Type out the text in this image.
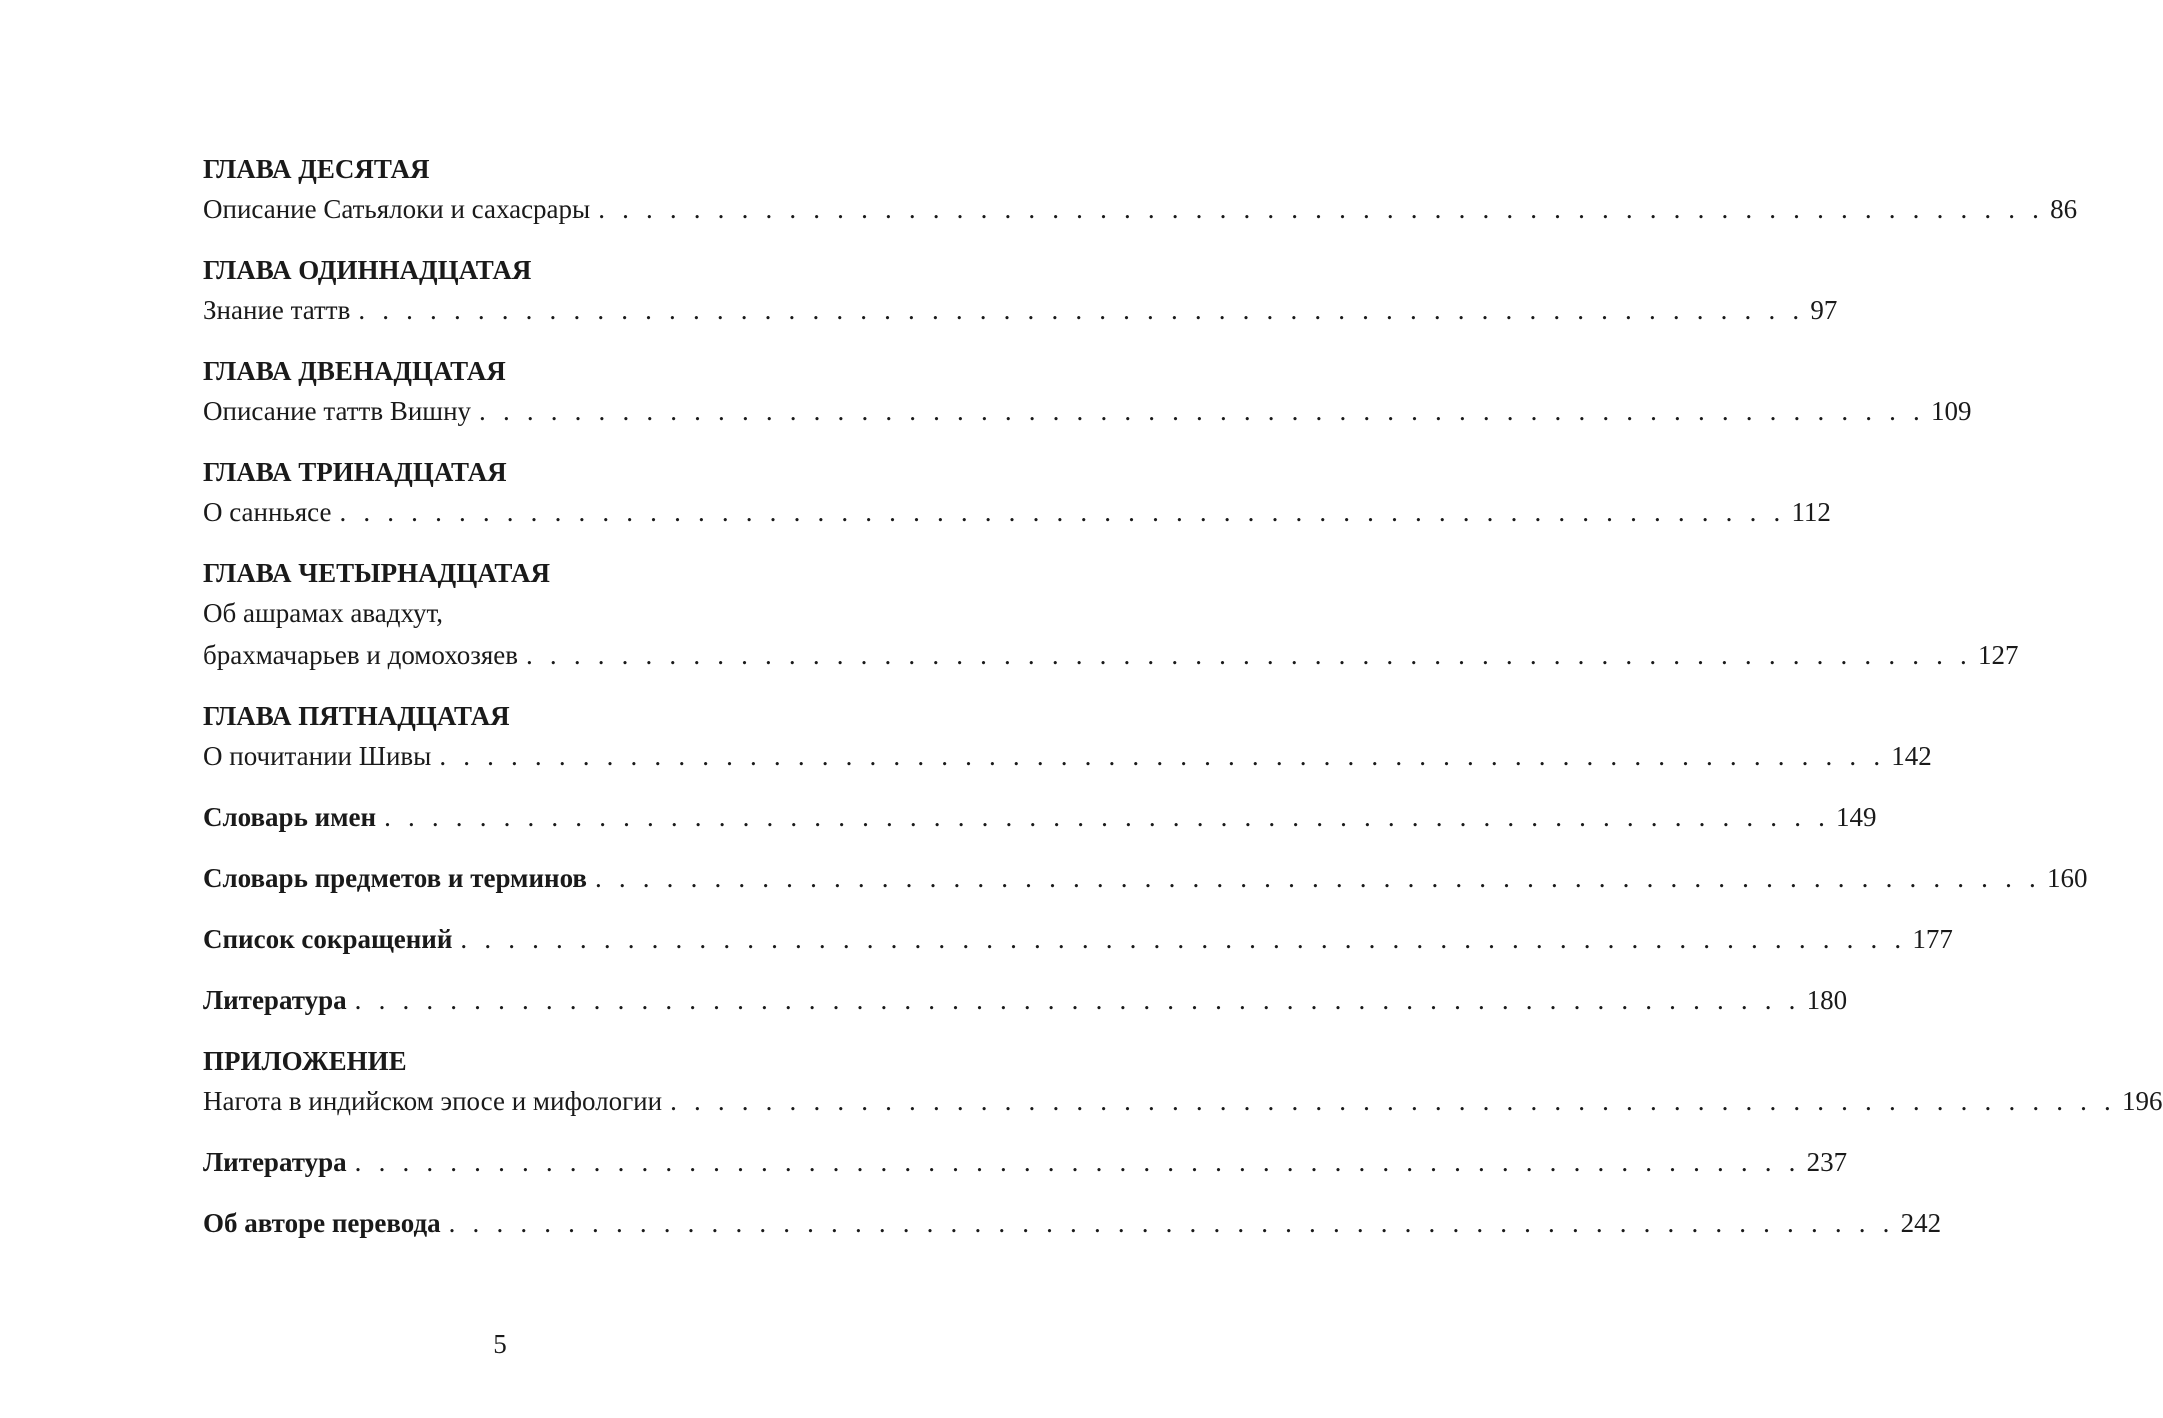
ГЛАВА ДЕСЯТАЯ
Описание Сатьялоки и сахасрары . . . . . . . . . . . . . . . . . . . . . . . . . . . . . . . . . . . . . . . . . . . . . . . . . . . . . . . . . . . . . 86
ГЛАВА ОДИННАДЦАТАЯ
Знание таттв . . . . . . . . . . . . . . . . . . . . . . . . . . . . . . . . . . . . . . . . . . . . . . . . . . . . . . . . . . . . . 97
ГЛАВА ДВЕНАДЦАТАЯ
Описание таттв Вишну . . . . . . . . . . . . . . . . . . . . . . . . . . . . . . . . . . . . . . . . . . . . . . . . . . . . . . . . . . . . . 109
ГЛАВА ТРИНАДЦАТАЯ
О санньясе . . . . . . . . . . . . . . . . . . . . . . . . . . . . . . . . . . . . . . . . . . . . . . . . . . . . . . . . . . . . . 112
ГЛАВА ЧЕТЫРНАДЦАТАЯ
Об ашрамах авадхут,
брахмачарьев и домохозяев . . . . . . . . . . . . . . . . . . . . . . . . . . . . . . . . . . . . . . . . . . . . . . . . . . . . . . . . . . . . . 127
ГЛАВА ПЯТНАДЦАТАЯ
О почитании Шивы . . . . . . . . . . . . . . . . . . . . . . . . . . . . . . . . . . . . . . . . . . . . . . . . . . . . . . . . . . . . . 142
Словарь имен . . . . . . . . . . . . . . . . . . . . . . . . . . . . . . . . . . . . . . . . . . . . . . . . . . . . . . . . . . . . . 149
Словарь предметов и терминов . . . . . . . . . . . . . . . . . . . . . . . . . . . . . . . . . . . . . . . . . . . . . . . . . . . . . . . . . . . . . 160
Список сокращений . . . . . . . . . . . . . . . . . . . . . . . . . . . . . . . . . . . . . . . . . . . . . . . . . . . . . . . . . . . . . 177
Литература . . . . . . . . . . . . . . . . . . . . . . . . . . . . . . . . . . . . . . . . . . . . . . . . . . . . . . . . . . . . . 180
ПРИЛОЖЕНИЕ
Нагота в индийском эпосе и мифологии . . . . . . . . . . . . . . . . . . . . . . . . . . . . . . . . . . . . . . . . . . . . . . . . . . . . . . . . . . . . . 196
Литература . . . . . . . . . . . . . . . . . . . . . . . . . . . . . . . . . . . . . . . . . . . . . . . . . . . . . . . . . . . . . 237
Об авторе перевода . . . . . . . . . . . . . . . . . . . . . . . . . . . . . . . . . . . . . . . . . . . . . . . . . . . . . . . . . . . . . 242
5
